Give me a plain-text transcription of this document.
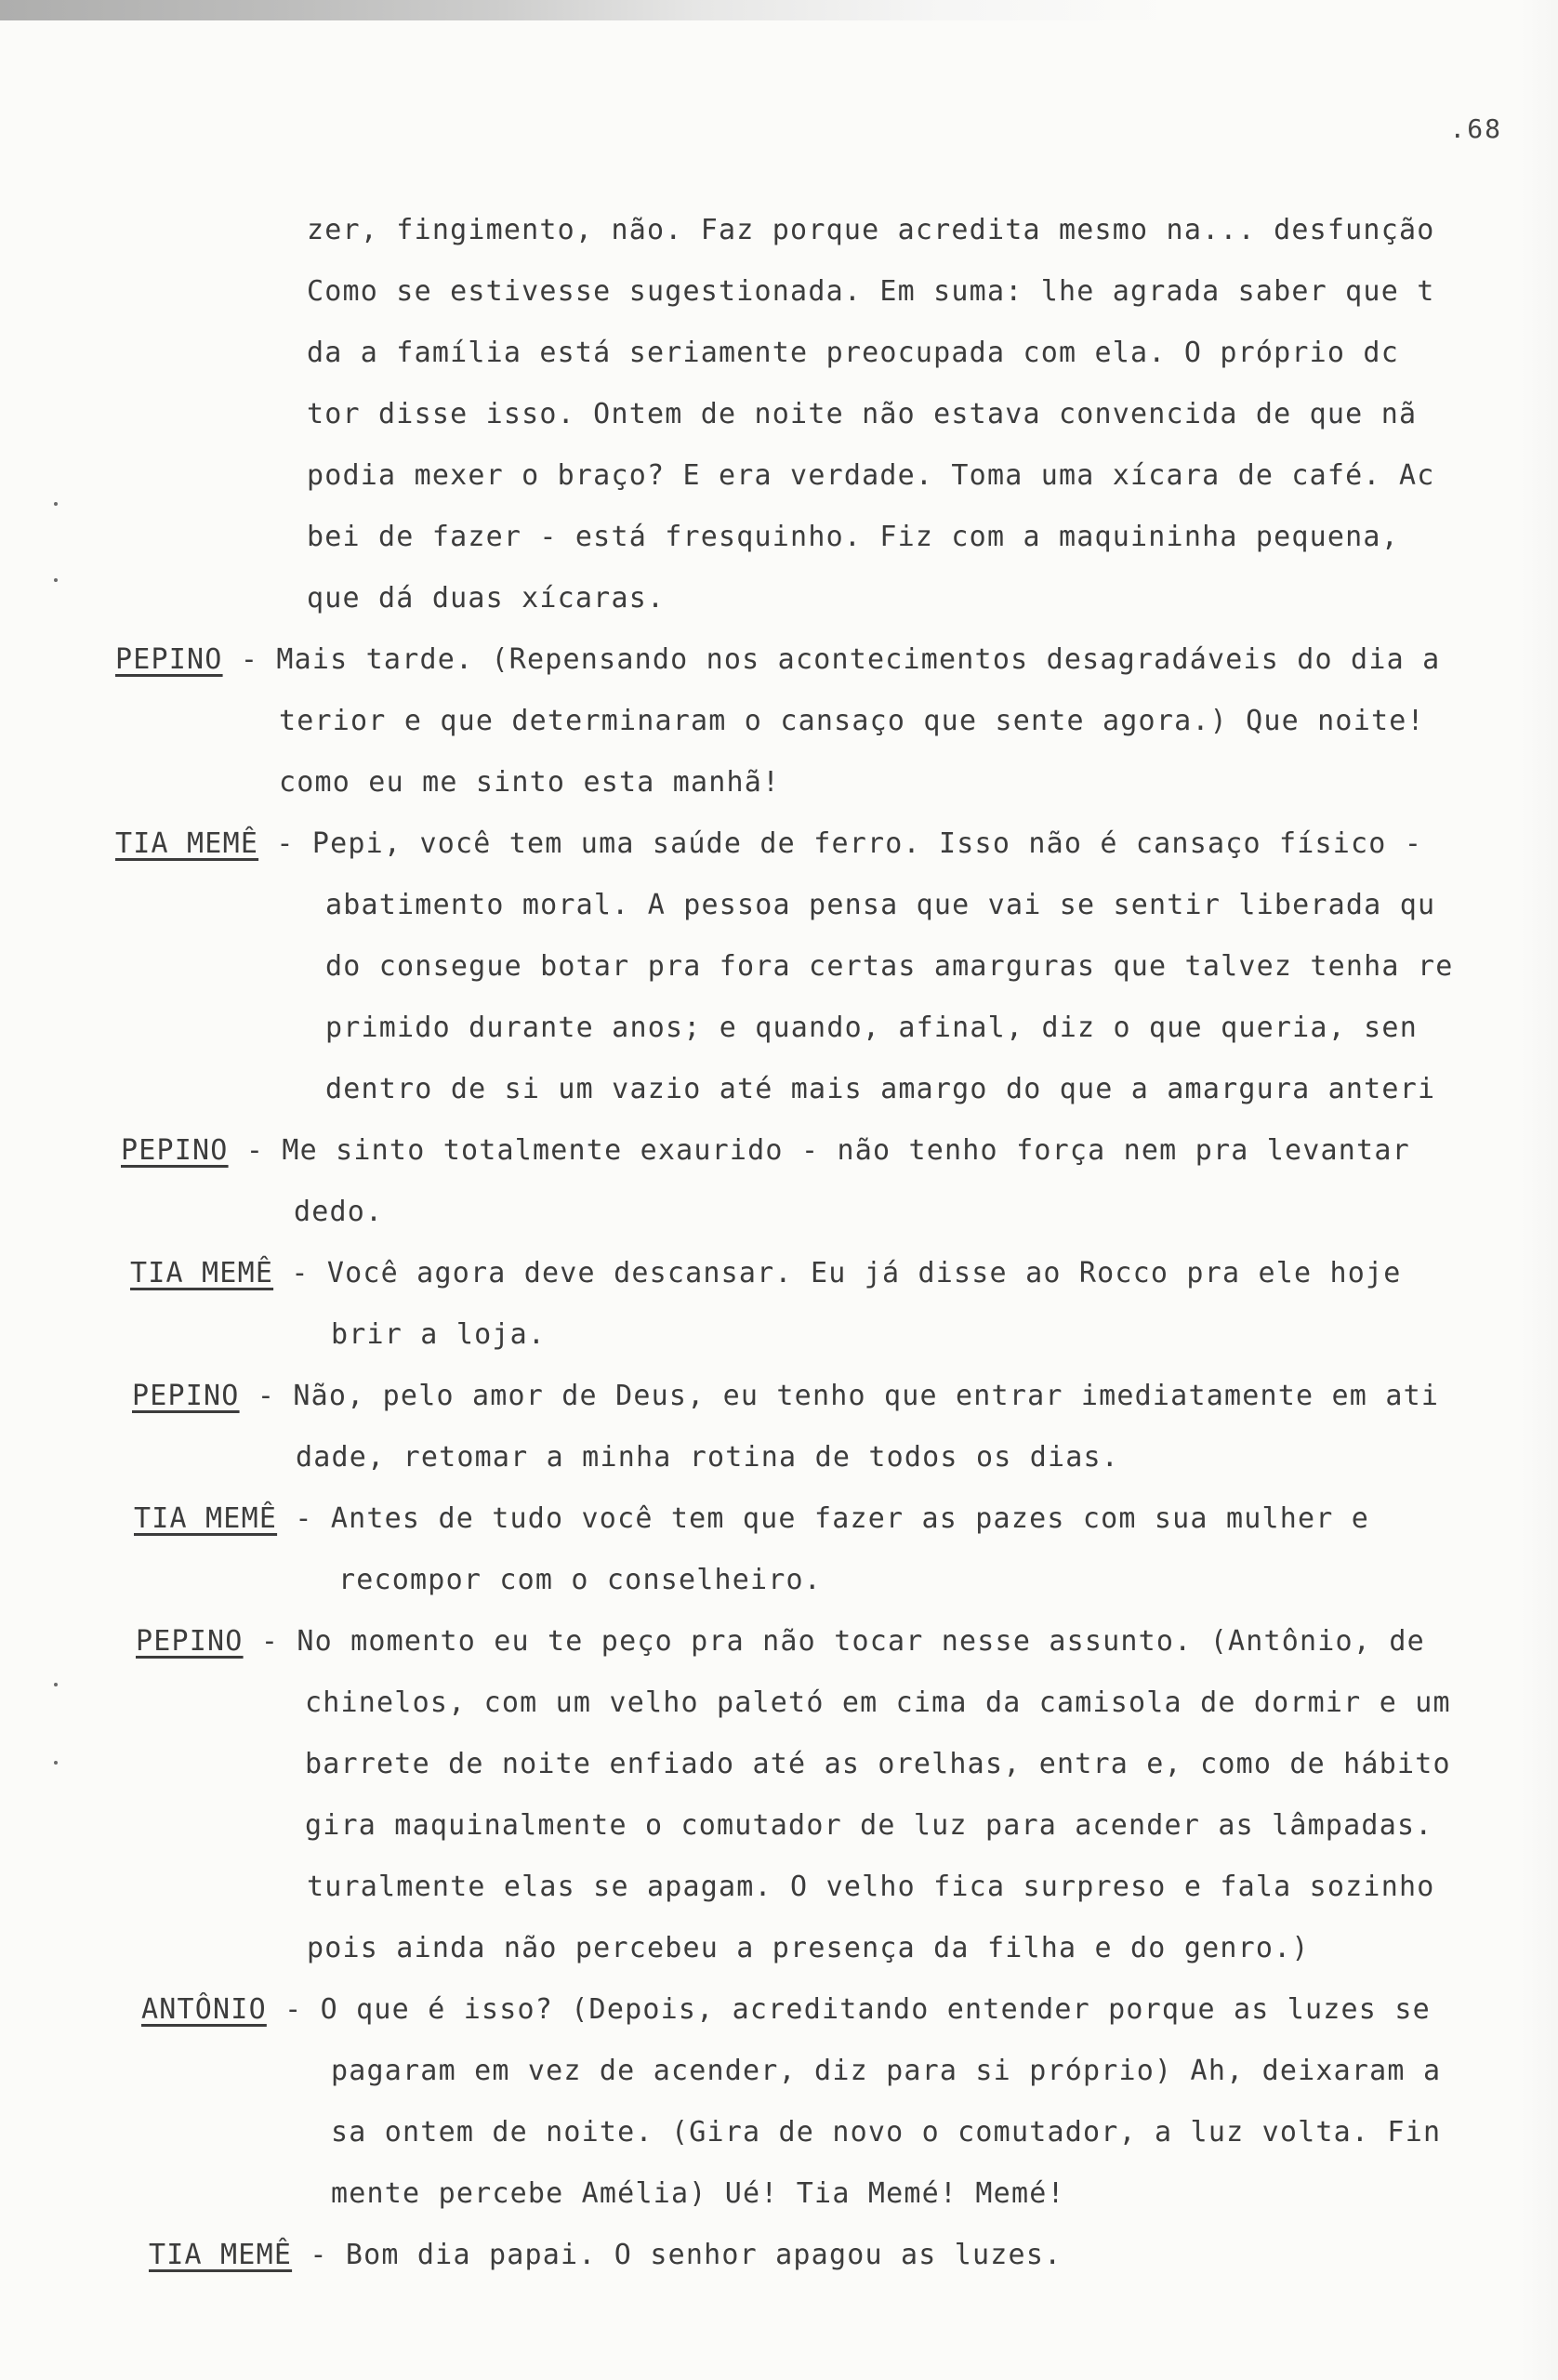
.68
zer, fingimento, não. Faz porque acredita mesmo na... desfunção
Como se estivesse sugestionada. Em suma: lhe agrada saber que t
da a família está seriamente preocupada com ela. O próprio dc
tor disse isso. Ontem de noite não estava convencida de que nã
podia mexer o braço? E era verdade. Toma uma xícara de café. Ac
bei de fazer - está fresquinho. Fiz com a maquininha pequena,
que dá duas xícaras.
PEPINO - Mais tarde. (Repensando nos acontecimentos desagradáveis do dia a
terior e que determinaram o cansaço que sente agora.) Que noite!
como eu me sinto esta manhã!
TIA MEMÊ - Pepi, você tem uma saúde de ferro. Isso não é cansaço físico -
abatimento moral. A pessoa pensa que vai se sentir liberada qu
do consegue botar pra fora certas amarguras que talvez tenha re
primido durante anos; e quando, afinal, diz o que queria, sen
dentro de si um vazio até mais amargo do que a amargura anteri
PEPINO - Me sinto totalmente exaurido - não tenho força nem pra levantar
dedo.
TIA MEMÊ - Você agora deve descansar. Eu já disse ao Rocco pra ele hoje
brir a loja.
PEPINO - Não, pelo amor de Deus, eu tenho que entrar imediatamente em ati
dade, retomar a minha rotina de todos os dias.
TIA MEMÊ - Antes de tudo você tem que fazer as pazes com sua mulher e
recompor com o conselheiro.
PEPINO - No momento eu te peço pra não tocar nesse assunto. (Antônio, de
chinelos, com um velho paletó em cima da camisola de dormir e um
barrete de noite enfiado até as orelhas, entra e, como de hábito
gira maquinalmente o comutador de luz para acender as lâmpadas.
turalmente elas se apagam. O velho fica surpreso e fala sozinho
pois ainda não percebeu a presença da filha e do genro.)
ANTÔNIO - O que é isso? (Depois, acreditando entender porque as luzes se
pagaram em vez de acender, diz para si próprio) Ah, deixaram a
sa ontem de noite. (Gira de novo o comutador, a luz volta. Fin
mente percebe Amélia) Ué! Tia Memé! Memé!
TIA MEMÊ - Bom dia papai. O senhor apagou as luzes.
